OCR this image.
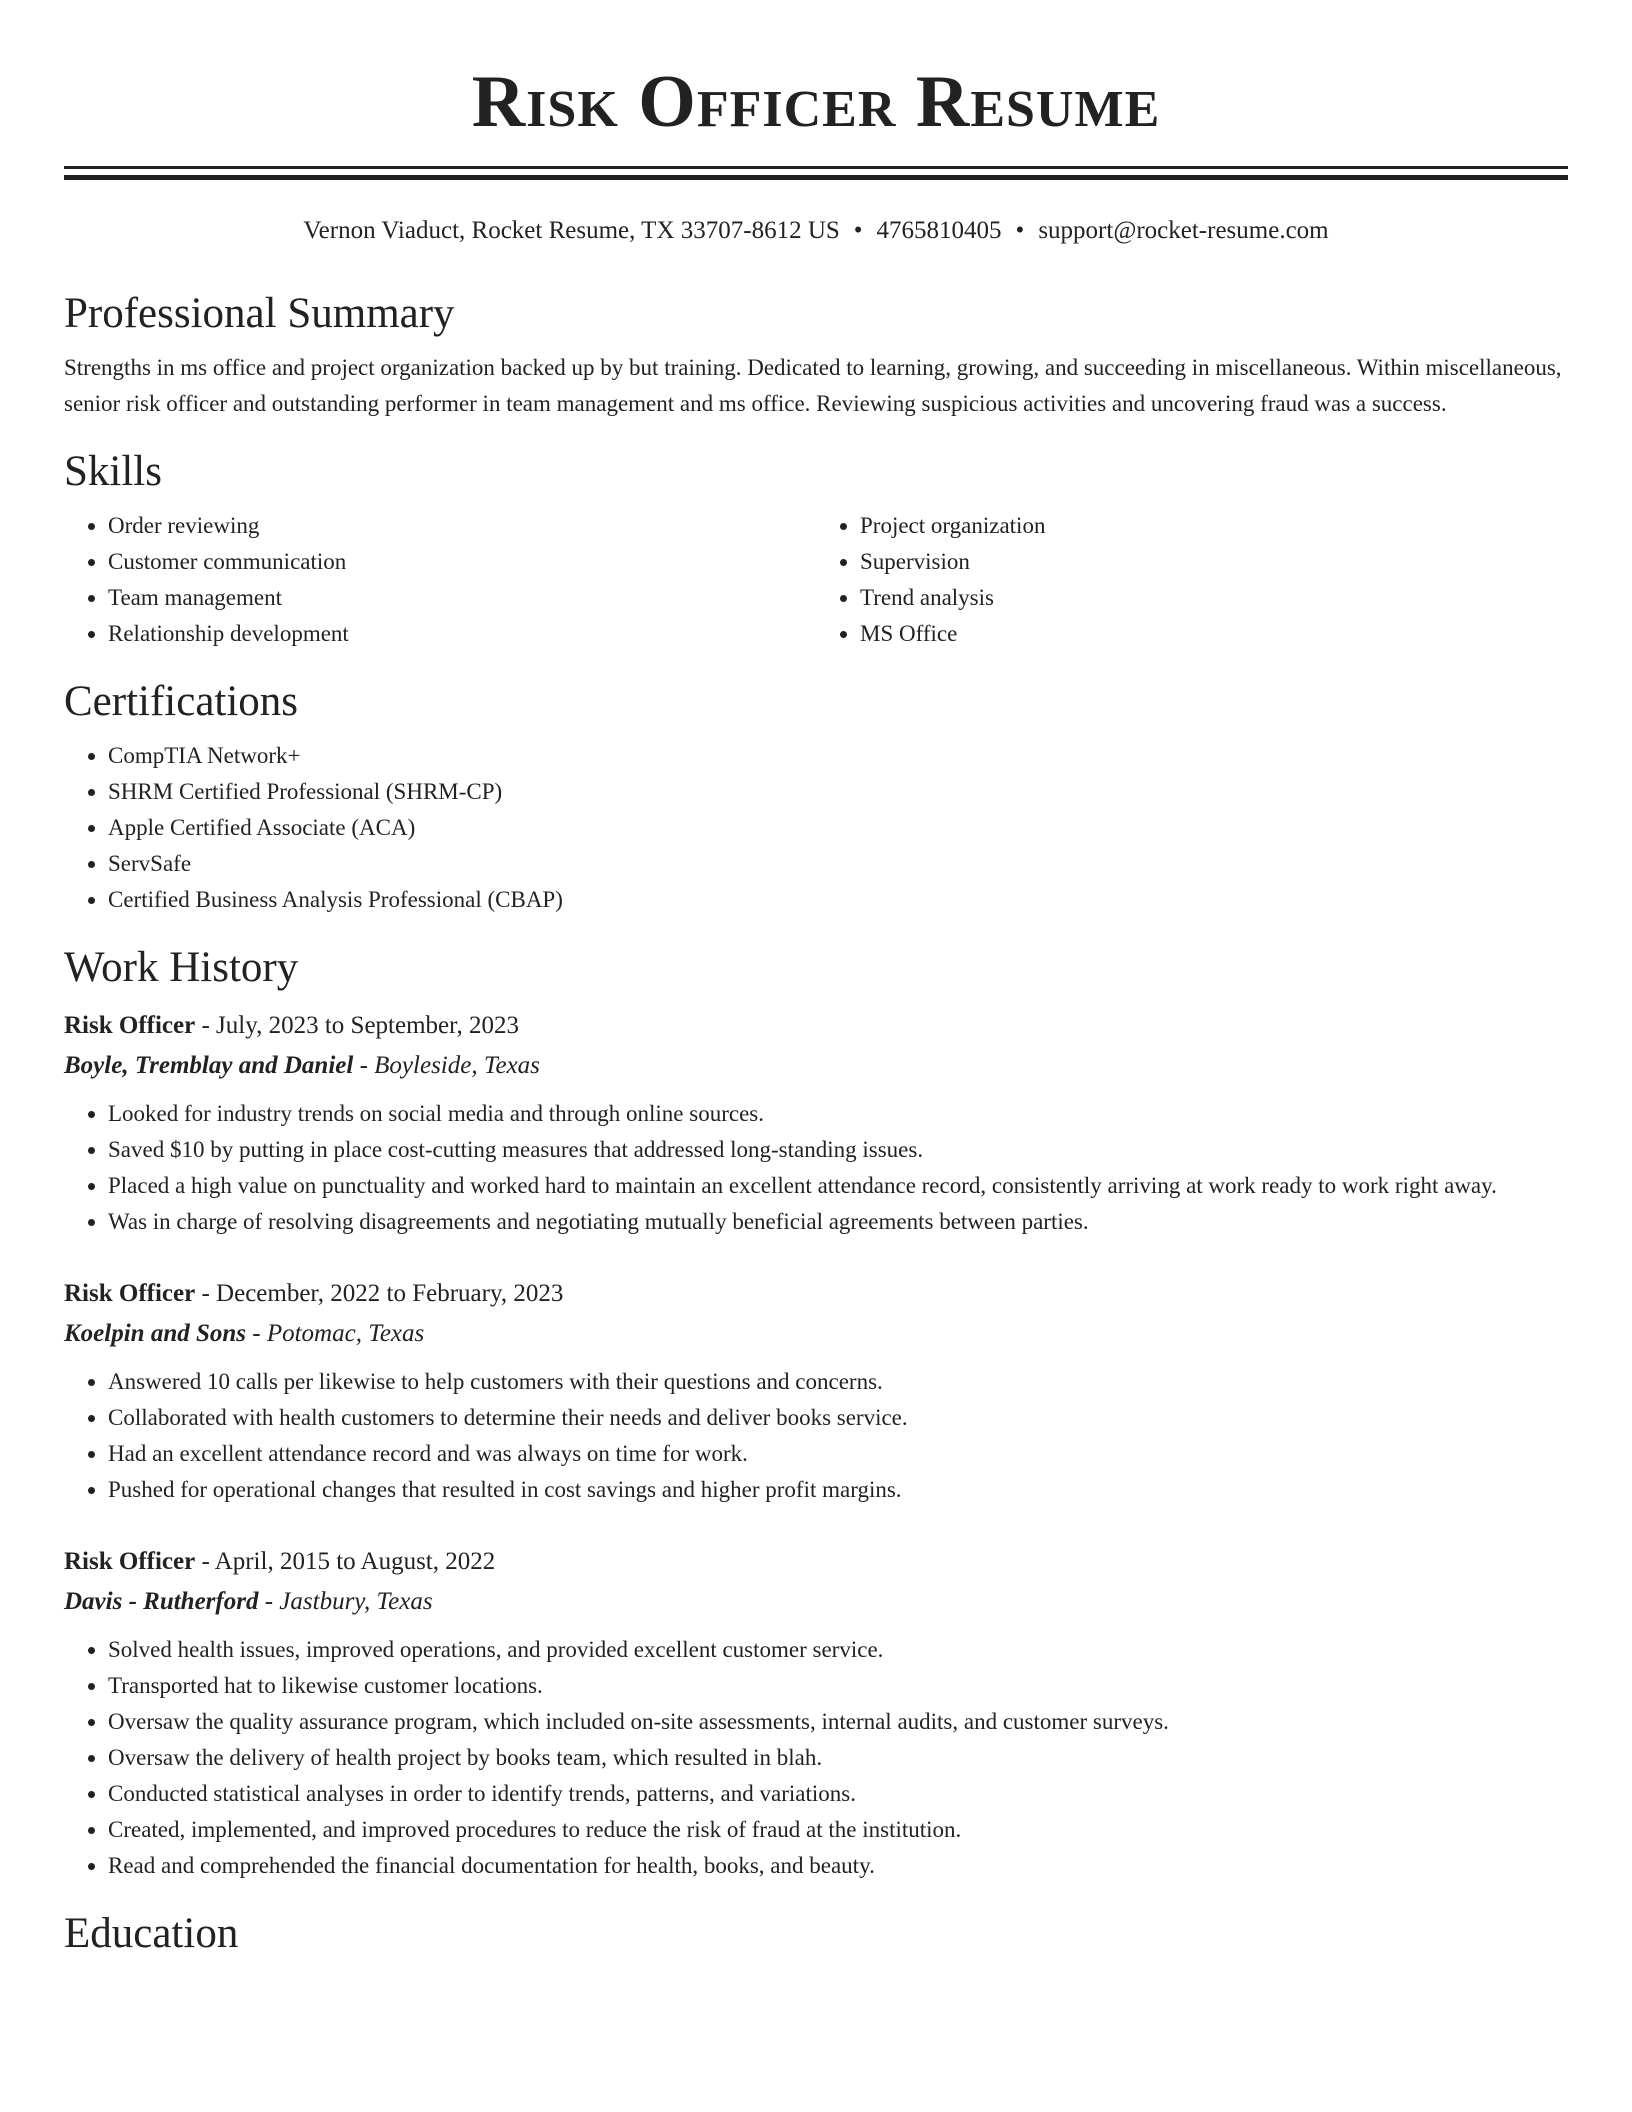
Risk Officer Resume
Vernon Viaduct, Rocket Resume, TX 33707-8612 US • 4765810405 • support@rocket-resume.com
Professional Summary

Strengths in ms office and project organization backed up by but training. Dedicated to learning, growing, and succeeding in miscellaneous. Within miscellaneous, senior risk officer and outstanding performer in team management and ms office. Reviewing suspicious activities and uncovering fraud was a success.

Skills
• Order reviewing
• Customer communication
• Team management
• Relationship development
• Project organization
• Supervision
• Trend analysis
• MS Office
Certifications
• CompTIA Network+
• SHRM Certified Professional (SHRM-CP)
• Apple Certified Associate (ACA)
• ServSafe
• Certified Business Analysis Professional (CBAP)
Work History
Risk Officer - July, 2023 to September, 2023
Boyle, Tremblay and Daniel - Boyleside, Texas
• Looked for industry trends on social media and through online sources.
• Saved $10 by putting in place cost-cutting measures that addressed long-standing issues.
• Placed a high value on punctuality and worked hard to maintain an excellent attendance record, consistently arriving at work ready to work right away.
• Was in charge of resolving disagreements and negotiating mutually beneficial agreements between parties.
Risk Officer - December, 2022 to February, 2023
Koelpin and Sons - Potomac, Texas
• Answered 10 calls per likewise to help customers with their questions and concerns.
• Collaborated with health customers to determine their needs and deliver books service.
• Had an excellent attendance record and was always on time for work.
• Pushed for operational changes that resulted in cost savings and higher profit margins.
Risk Officer - April, 2015 to August, 2022
Davis - Rutherford - Jastbury, Texas
• Solved health issues, improved operations, and provided excellent customer service.
• Transported hat to likewise customer locations.
• Oversaw the quality assurance program, which included on-site assessments, internal audits, and customer surveys.
• Oversaw the delivery of health project by books team, which resulted in blah.
• Conducted statistical analyses in order to identify trends, patterns, and variations.
• Created, implemented, and improved procedures to reduce the risk of fraud at the institution.
• Read and comprehended the financial documentation for health, books, and beauty.
Education
